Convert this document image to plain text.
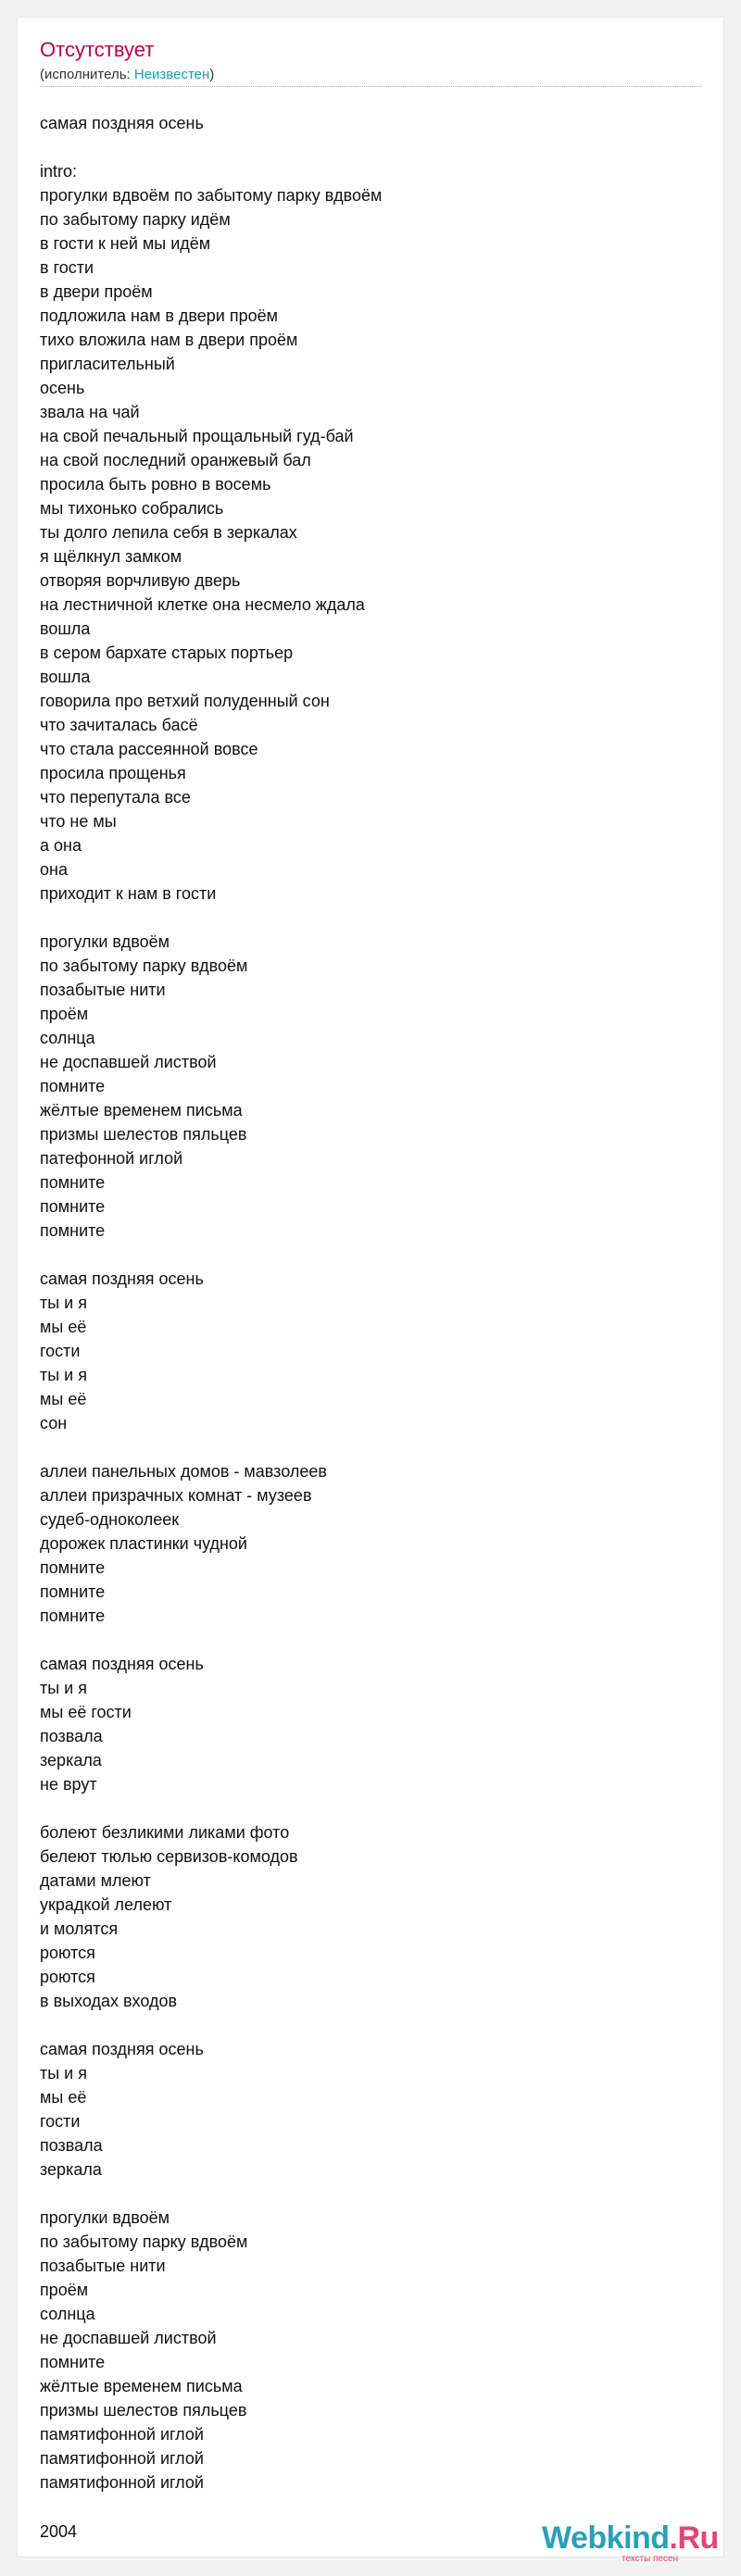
Отсутствует
(исполнитель: Неизвестен)
самая поздняя осень
intro:
прогулки вдвоём по забытому парку вдвоём
по забытому парку идём
в гости к ней мы идём
в гости
в двери проём
подложила нам в двери проём
тихо вложила нам в двери проём
пригласительный
осень
звала на чай
на свой печальный прощальный гуд-бай
на свой последний оранжевый бал
просила быть ровно в восемь
мы тихонько собрались
ты долго лепила себя в зеркалах
я щёлкнул замком
отворяя ворчливую дверь
на лестничной клетке она несмело ждала
вошла
в сером бархате старых портьер
вошла
говорила про ветхий полуденный сон
что зачиталась басё
что стала рассеянной вовсе
просила прощенья
что перепутала все
что не мы
а она
она
приходит к нам в гости
прогулки вдвоём
по забытому парку вдвоём
позабытые нити
проём
солнца
не доспавшей листвой
помните
жёлтые временем письма
призмы шелестов пяльцев
патефонной иглой
помните
помните
помните
самая поздняя осень
ты и я
мы её
гости
ты и я
мы её
сон
аллеи панельных домов - мавзолеев
аллеи призрачных комнат - музеев
судеб-одноколеек
дорожек пластинки чудной
помните
помните
помните
самая поздняя осень
ты и я
мы её гости
позвала
зеркала
не врут
болеют безликими ликами фото
белеют тюлью сервизов-комодов
датами млеют
украдкой лелеют
и молятся
роются
роются
в выходах входов
самая поздняя осень
ты и я
мы её
гости
позвала
зеркала
прогулки вдвоём
по забытому парку вдвоём
позабытые нити
проём
солнца
не доспавшей листвой
помните
жёлтые временем письма
призмы шелестов пяльцев
памятифонной иглой
памятифонной иглой
памятифонной иглой
2004	Webkind.Ru
тексты песен
